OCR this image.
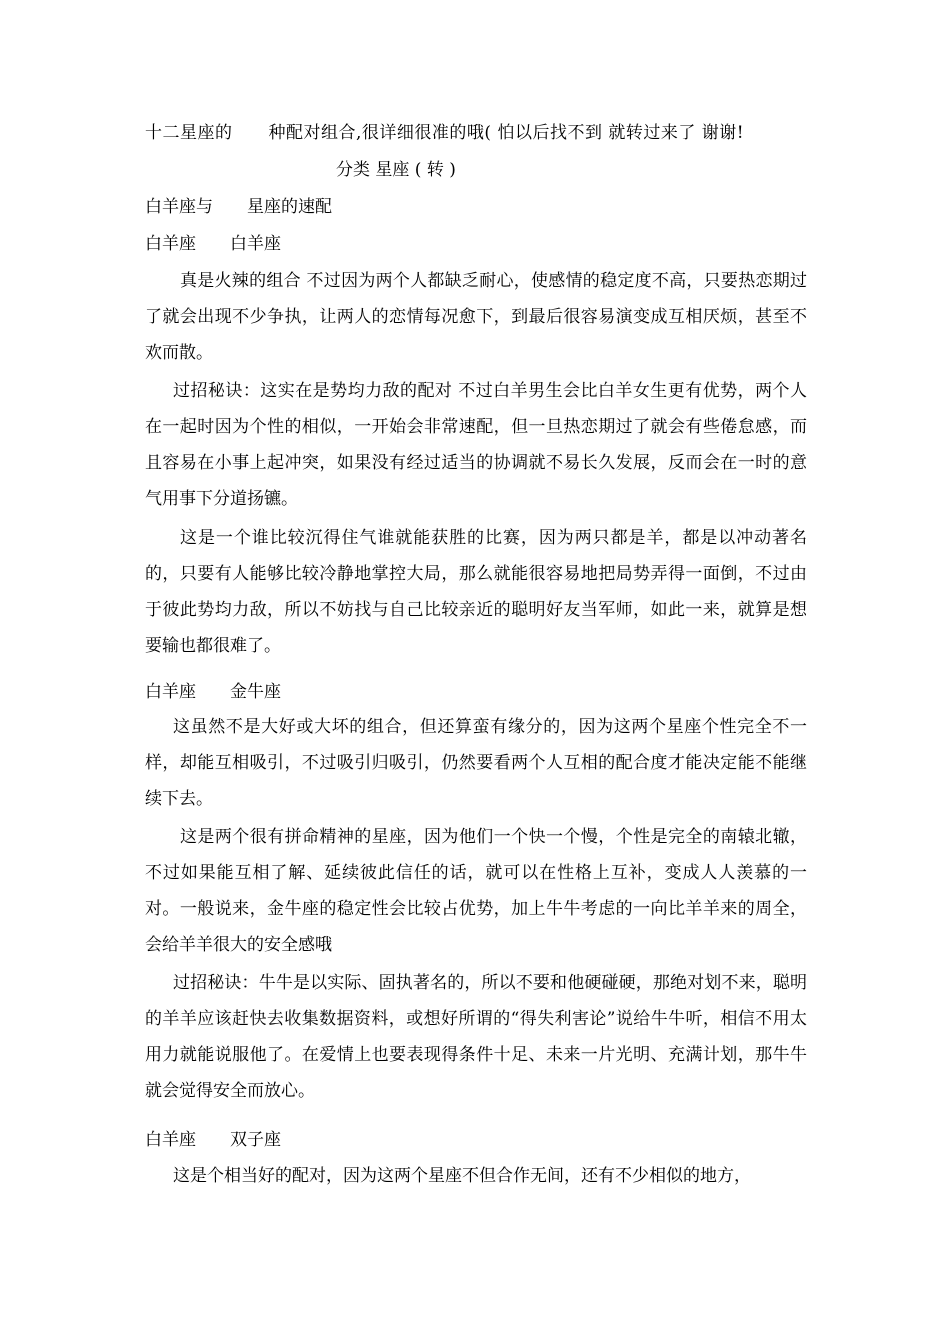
十二星座的 种配对组合,很详细很准的哦( 怕以后找不到 就转过来了 谢谢!
分类 星座 ( 转 )
白羊座与 星座的速配
白羊座 白羊座
真是火辣的组合 不过因为两个人都缺乏耐心，使感情的稳定度不高，只要热恋期过了就会出现不少争执，让两人的恋情每况愈下，到最后很容易演变成互相厌烦，甚至不欢而散。
过招秘诀：这实在是势均力敌的配对 不过白羊男生会比白羊女生更有优势，两个人在一起时因为个性的相似，一开始会非常速配，但一旦热恋期过了就会有些倦怠感，而且容易在小事上起冲突，如果没有经过适当的协调就不易长久发展，反而会在一时的意气用事下分道扬镳。
这是一个谁比较沉得住气谁就能获胜的比赛，因为两只都是羊，都是以冲动著名的，只要有人能够比较冷静地掌控大局，那么就能很容易地把局势弄得一面倒，不过由于彼此势均力敌，所以不妨找与自己比较亲近的聪明好友当军师，如此一来，就算是想要输也都很难了。
白羊座 金牛座
这虽然不是大好或大坏的组合，但还算蛮有缘分的，因为这两个星座个性完全不一样，却能互相吸引，不过吸引归吸引，仍然要看两个人互相的配合度才能决定能不能继续下去。
这是两个很有拼命精神的星座，因为他们一个快一个慢，个性是完全的南辕北辙，不过如果能互相了解、延续彼此信任的话，就可以在性格上互补，变成人人羡慕的一对。一般说来，金牛座的稳定性会比较占优势，加上牛牛考虑的一向比羊羊来的周全，会给羊羊很大的安全感哦
过招秘诀：牛牛是以实际、固执著名的，所以不要和他硬碰硬，那绝对划不来，聪明的羊羊应该赶快去收集数据资料，或想好所谓的“得失利害论”说给牛牛听，相信不用太用力就能说服他了。在爱情上也要表现得条件十足、未来一片光明、充满计划，那牛牛就会觉得安全而放心。
白羊座 双子座
这是个相当好的配对，因为这两个星座不但合作无间，还有不少相似的地方，
